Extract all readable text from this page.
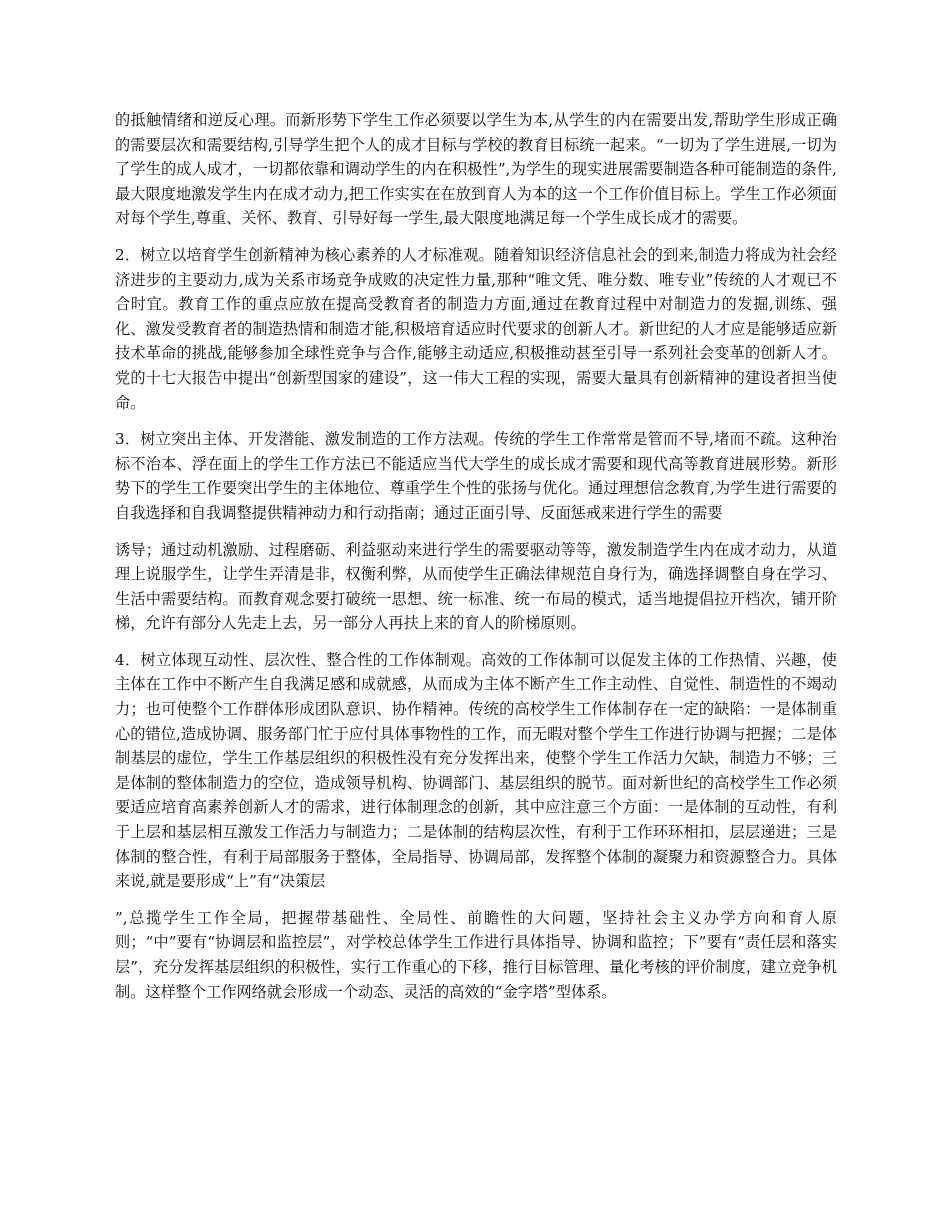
的抵触情绪和逆反心理。而新形势下学生工作必须要以学生为本,从学生的内在需要出发,帮助学生形成正确的需要层次和需要结构,引导学生把个人的成才目标与学校的教育目标统一起来。“一切为了学生进展,一切为了学生的成人成才，一切都依靠和调动学生的内在积极性”,为学生的现实进展需要制造各种可能制造的条件,最大限度地激发学生内在成才动力,把工作实实在在放到育人为本的这一个工作价值目标上。学生工作必须面对每个学生,尊重、关怀、教育、引导好每一学生,最大限度地满足每一个学生成长成才的需要。

2．树立以培育学生创新精神为核心素养的人才标准观。随着知识经济信息社会的到来,制造力将成为社会经济进步的主要动力,成为关系市场竞争成败的决定性力量,那种“唯文凭、唯分数、唯专业”传统的人才观已不合时宜。教育工作的重点应放在提高受教育者的制造力方面,通过在教育过程中对制造力的发掘,训练、强化、激发受教育者的制造热情和制造才能,积极培育适应时代要求的创新人才。新世纪的人才应是能够适应新技术革命的挑战,能够参加全球性竞争与合作,能够主动适应,积极推动甚至引导一系列社会变革的创新人才。党的十七大报告中提出“创新型国家的建设”，这一伟大工程的实现，需要大量具有创新精神的建设者担当使命。

3．树立突出主体、开发潜能、激发制造的工作方法观。传统的学生工作常常是管而不导,堵而不疏。这种治标不治本、浮在面上的学生工作方法已不能适应当代大学生的成长成才需要和现代高等教育进展形势。新形势下的学生工作要突出学生的主体地位、尊重学生个性的张扬与优化。通过理想信念教育,为学生进行需要的自我选择和自我调整提供精神动力和行动指南；通过正面引导、反面惩戒来进行学生的需要

诱导；通过动机激励、过程磨砺、利益驱动来进行学生的需要驱动等等，激发制造学生内在成才动力，从道理上说服学生，让学生弄清是非，权衡利弊，从而使学生正确法律规范自身行为，确选择调整自身在学习、生活中需要结构。而教育观念要打破统一思想、统一标准、统一布局的模式，适当地提倡拉开档次，铺开阶梯，允许有部分人先走上去，另一部分人再扶上来的育人的阶梯原则。

4．树立体现互动性、层次性、整合性的工作体制观。高效的工作体制可以促发主体的工作热情、兴趣，使主体在工作中不断产生自我满足感和成就感，从而成为主体不断产生工作主动性、自觉性、制造性的不竭动力；也可使整个工作群体形成团队意识、协作精神。传统的高校学生工作体制存在一定的缺陷：一是体制重心的错位,造成协调、服务部门忙于应付具体事物性的工作，而无暇对整个学生工作进行协调与把握；二是体制基层的虚位，学生工作基层组织的积极性没有充分发挥出来，使整个学生工作活力欠缺，制造力不够；三是体制的整体制造力的空位，造成领导机构、协调部门、基层组织的脱节。面对新世纪的高校学生工作必须要适应培育高素养创新人才的需求，进行体制理念的创新，其中应注意三个方面：一是体制的互动性，有利于上层和基层相互激发工作活力与制造力；二是体制的结构层次性，有利于工作环环相扣，层层递进；三是体制的整合性，有利于局部服务于整体，全局指导、协调局部，发挥整个体制的凝聚力和资源整合力。具体来说,就是要形成“上”有“决策层

”,总揽学生工作全局，把握带基础性、全局性、前瞻性的大问题，坚持社会主义办学方向和育人原则；“中”要有“协调层和监控层”，对学校总体学生工作进行具体指导、协调和监控；下”要有“责任层和落实层”，充分发挥基层组织的积极性，实行工作重心的下移，推行目标管理、量化考核的评价制度，建立竞争机制。这样整个工作网络就会形成一个动态、灵活的高效的“金字塔”型体系。
